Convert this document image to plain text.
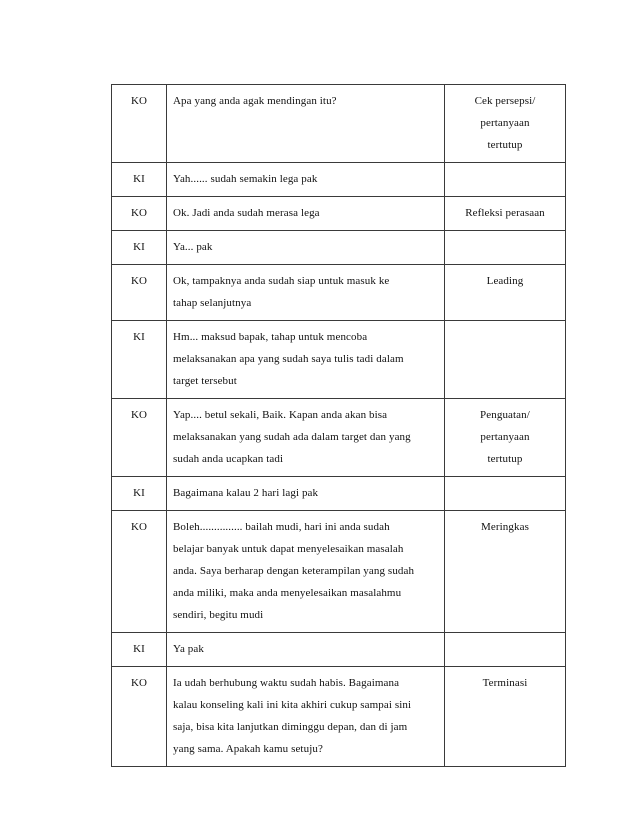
KO	Apa yang anda agak mendingan itu?	Cek persepsi/
pertanyaan
tertutup

KI	Yah...... sudah semakin lega pak	

KO	Ok. Jadi anda sudah merasa lega	Refleksi perasaan

KI	Ya... pak	

KO	Ok, tampaknya anda sudah siap untuk masuk ke
tahap selanjutnya	Leading

KI	Hm... maksud bapak, tahap untuk mencoba
melaksanakan apa yang sudah saya tulis tadi dalam
target tersebut	

KO	Yap.... betul sekali, Baik. Kapan anda akan bisa
melaksanakan yang sudah ada dalam target dan yang
sudah anda ucapkan tadi	Penguatan/
pertanyaan
tertutup

KI	Bagaimana kalau 2 hari lagi pak	

KO	Boleh............... bailah mudi, hari ini anda sudah
belajar banyak untuk dapat menyelesaikan masalah
anda. Saya berharap dengan keterampilan yang sudah
anda miliki, maka anda menyelesaikan masalahmu
sendiri, begitu mudi	Meringkas

KI	Ya pak	

KO	Ia udah berhubung waktu sudah habis. Bagaimana
kalau konseling kali ini kita akhiri cukup sampai sini
saja, bisa kita lanjutkan diminggu depan, dan di jam
yang sama. Apakah kamu setuju?	Terminasi
